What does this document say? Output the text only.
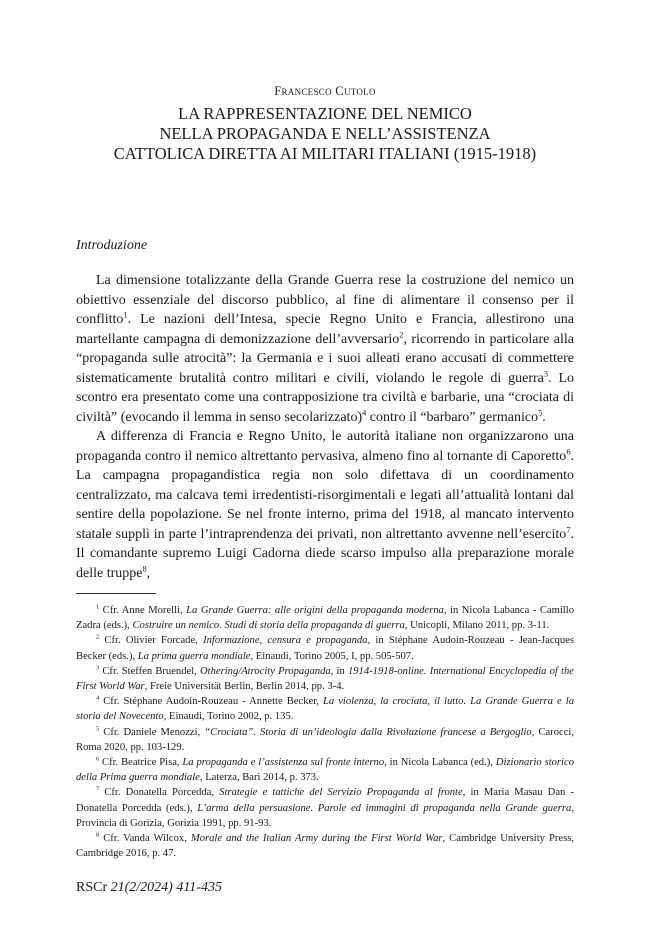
Francesco Cutolo
LA RAPPRESENTAZIONE DEL NEMICO
NELLA PROPAGANDA E NELL’ASSISTENZA
CATTOLICA DIRETTA AI MILITARI ITALIANI (1915-1918)
Introduzione

La dimensione totalizzante della Grande Guerra rese la costruzione del nemico un obiettivo essenziale del discorso pubblico, al fine di alimentare il consenso per il conflitto$^1$. Le nazioni dell’Intesa, specie Regno Unito e Francia, allestirono una martellante campagna di demonizzazione dell’avversario$^2$, ricorrendo in particolare alla “propaganda sulle atrocità”: la Germania e i suoi alleati erano accusati di commettere sistematicamente brutalità contro militari e civili, violando le regole di guerra$^3$. Lo scontro era presentato come una contrapposizione tra civiltà e barbarie, una “crociata di civiltà” (evocando il lemma in senso secolarizzato)$^4$ contro il “barbaro” germanico$^5$.

A differenza di Francia e Regno Unito, le autorità italiane non organizzarono una propaganda contro il nemico altrettanto pervasiva, almeno fino al tornante di Caporetto$^6$. La campagna propagandistica regia non solo difettava di un coordinamento centralizzato, ma calcava temi irredentisti-risorgimentali e legati all’attualità lontani dal sentire della popolazione. Se nel fronte interno, prima del 1918, al mancato intervento statale supplì in parte l’intraprendenza dei privati, non altrettanto avvenne nell’esercito$^7$. Il comandante supremo Luigi Cadorna diede scarso impulso alla preparazione morale delle truppe$^8$,

$^1$ Cfr. Anne Morelli, La Grande Guerra: alle origini della propaganda moderna, in Nicola Labanca - Camillo Zadra (eds.), Costruire un nemico. Studi di storia della propaganda di guerra, Unicopli, Milano 2011, pp. 3-11.
$^2$ Cfr. Olivier Forcade, Informazione, censura e propaganda, in Stéphane Audoin-Rouzeau - Jean-Jacques Becker (eds.), La prima guerra mondiale, Einaudi, Torino 2005, I, pp. 505-507.
$^3$ Cfr. Steffen Bruendel, Othering/Atrocity Propaganda, in 1914-1918-online. International Encyclopedia of the First World War, Freie Universität Berlin, Berlin 2014, pp. 3-4.
$^4$ Cfr. Stéphane Audoin-Rouzeau - Annette Becker, La violenza, la crociata, il lutto. La Grande Guerra e la storia del Novecento, Einaudi, Torino 2002, p. 135.
$^5$ Cfr. Daniele Menozzi, “Crociata”. Storia di un’ideologia dalla Rivoluzione francese a Bergoglio, Carocci, Roma 2020, pp. 103-129.
$^6$ Cfr. Beatrice Pisa, La propaganda e l’assistenza sul fronte interno, in Nicola Labanca (ed.), Dizionario storico della Prima guerra mondiale, Laterza, Bari 2014, p. 373.
$^7$ Cfr. Donatella Porcedda, Strategie e tattiche del Servizio Propaganda al fronte, in Maria Masau Dan - Donatella Porcedda (eds.), L’arma della persuasione. Parole ed immagini di propaganda nella Grande guerra, Provincia di Gorizia, Gorizia 1991, pp. 91-93.
$^8$ Cfr. Vanda Wilcox, Morale and the Italian Army during the First World War, Cambridge University Press, Cambridge 2016, p. 47.
RSCr 21(2/2024) 411-435
